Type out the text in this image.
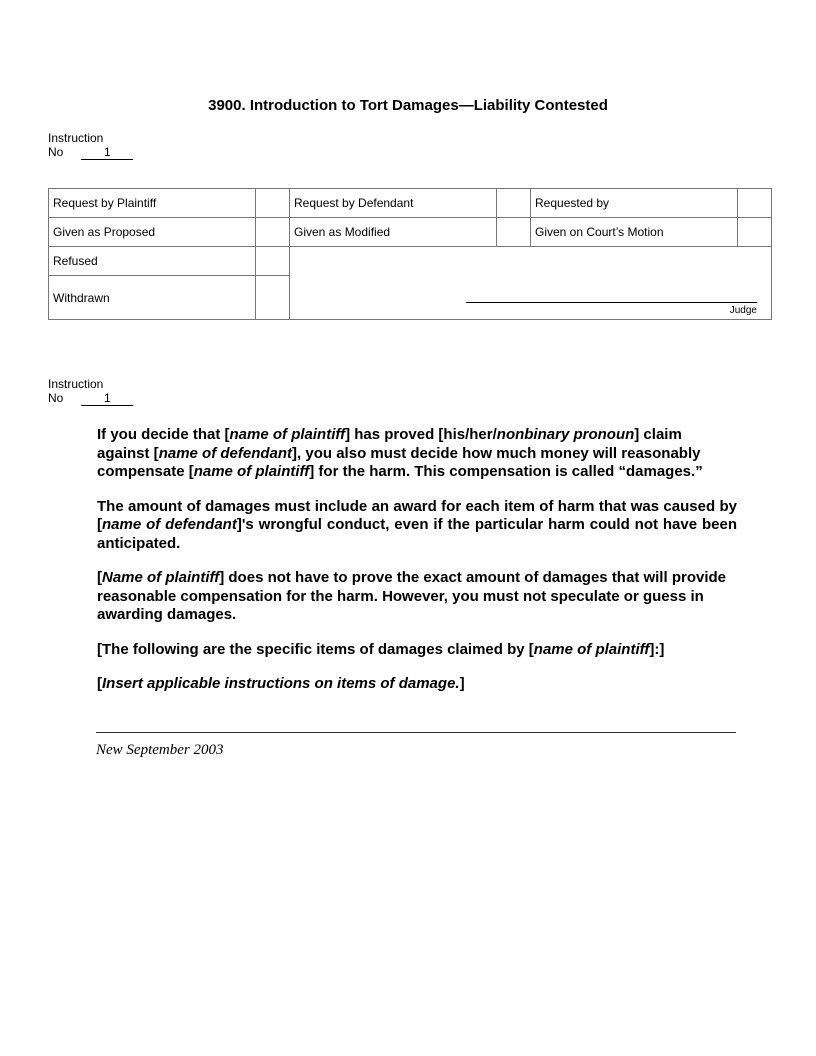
3900. Introduction to Tort Damages—Liability Contested
Instruction
No	1
Request by Plaintiff		Request by Defendant		Requested by	
Given as Proposed		Given as Modified		Given on Court’s Motion	
Refused		Judge			

Withdrawn					
Instruction
No	1

If you decide that [name of plaintiff] has proved [his/her/nonbinary pronoun] claim against [name of defendant], you also must decide how much money will reasonably compensate [name of plaintiff] for the harm. This compensation is called “damages.”

The amount of damages must include an award for each item of harm that was caused by [name of defendant]'s wrongful conduct, even if the particular harm could not have been anticipated.

[Name of plaintiff] does not have to prove the exact amount of damages that will provide reasonable compensation for the harm. However, you must not speculate or guess in awarding damages.

[The following are the specific items of damages claimed by [name of plaintiff]:]

[Insert applicable instructions on items of damage.]

New September 2003
